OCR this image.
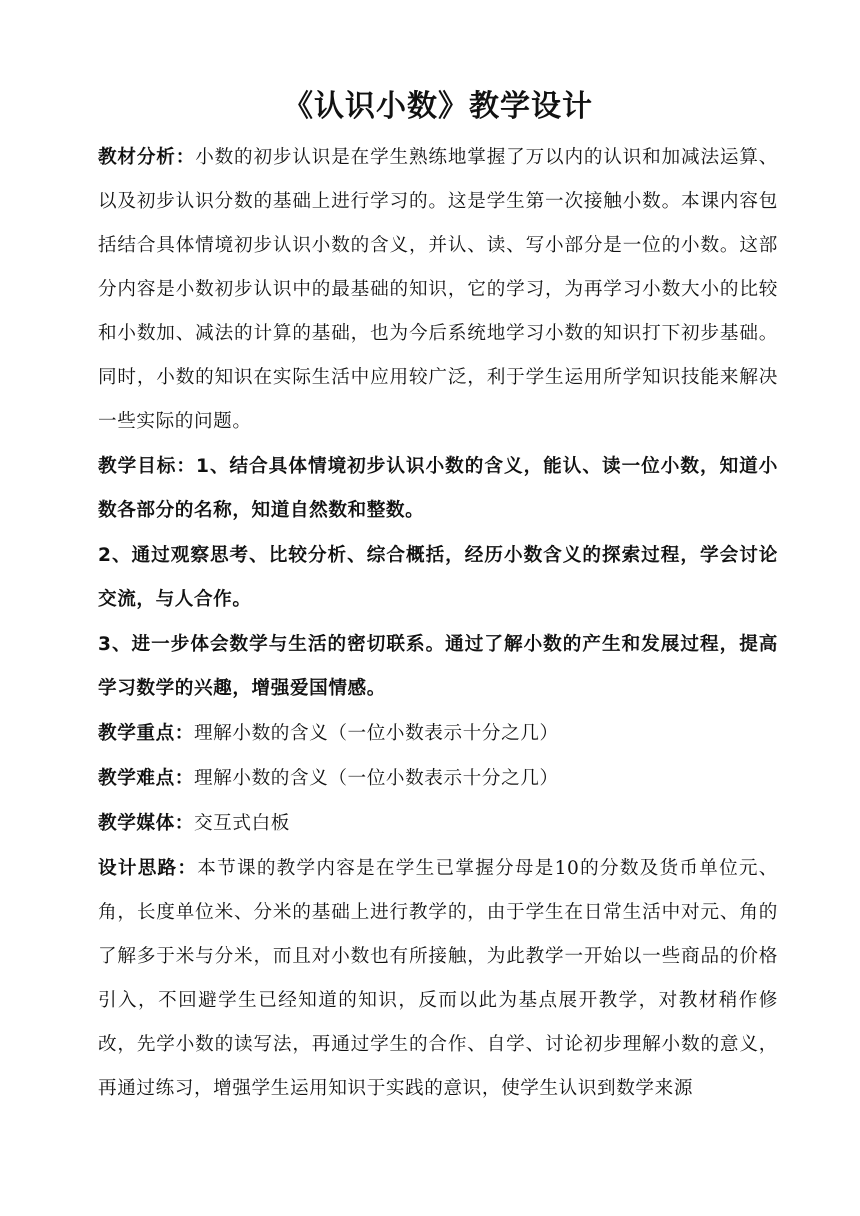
《认识小数》教学设计

教材分析：小数的初步认识是在学生熟练地掌握了万以内的认识和加减法运算、以及初步认识分数的基础上进行学习的。这是学生第一次接触小数。本课内容包括结合具体情境初步认识小数的含义，并认、读、写小部分是一位的小数。这部分内容是小数初步认识中的最基础的知识，它的学习，为再学习小数大小的比较和小数加、减法的计算的基础，也为今后系统地学习小数的知识打下初步基础。同时，小数的知识在实际生活中应用较广泛，利于学生运用所学知识技能来解决一些实际的问题。

教学目标：1、结合具体情境初步认识小数的含义，能认、读一位小数，知道小数各部分的名称，知道自然数和整数。

2、通过观察思考、比较分析、综合概括，经历小数含义的探索过程，学会讨论交流，与人合作。

3、进一步体会数学与生活的密切联系。通过了解小数的产生和发展过程，提高学习数学的兴趣，增强爱国情感。

教学重点：理解小数的含义（一位小数表示十分之几）

教学难点：理解小数的含义（一位小数表示十分之几）

教学媒体：交互式白板

设计思路：本节课的教学内容是在学生已掌握分母是10的分数及货币单位元、角，长度单位米、分米的基础上进行教学的，由于学生在日常生活中对元、角的了解多于米与分米，而且对小数也有所接触，为此教学一开始以一些商品的价格引入，不回避学生已经知道的知识，反而以此为基点展开教学，对教材稍作修改，先学小数的读写法，再通过学生的合作、自学、讨论初步理解小数的意义，再通过练习，增强学生运用知识于实践的意识，使学生认识到数学来源
